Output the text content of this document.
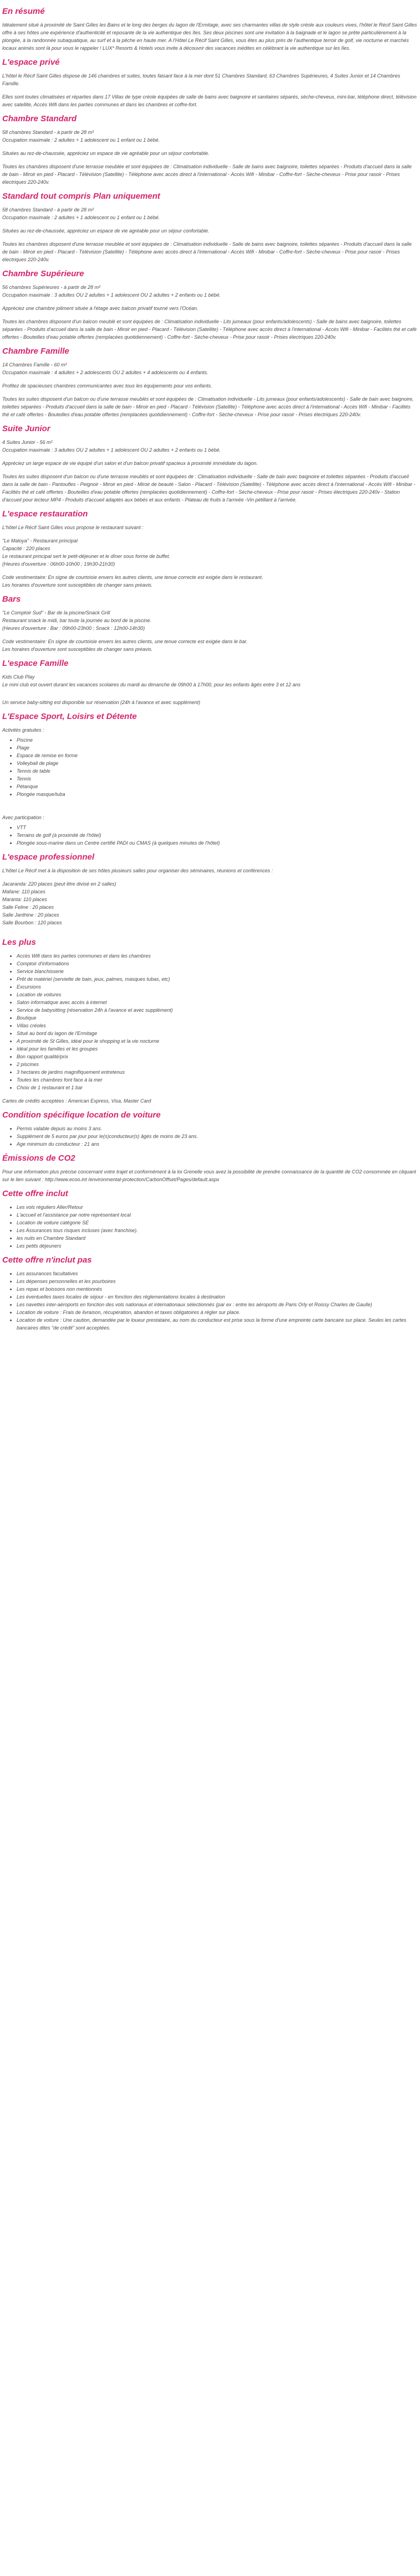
En résumé

Idéalement situé à proximité de Saint Gilles les Bains et le long des berges du lagon de l'Ermitage, avec ses charmantes villas de style créole aux couleurs vives, l'hôtel le Récif Saint Gilles offre à ses hôtes une expérience d'authenticité et reposante de la vie authentique des îles. Ses deux piscines sont une invitation à la baignade et le lagon se prête particulièrement à la plongée, à la randonnée subaquatique, au surf et à la pêche en haute mer. A l'Hôtel Le Récif Saint Gilles, vous êtes au plus près de l'authentique terroir de golf, vie nocturne et marchés locaux animés sont là pour vous le rappeler ! LUX* Resorts & Hotels vous invite à découvrir des vacances inédites en célébrant la vie authentique sur les îles.

L'espace privé

L'hôtel le Récif Saint Gilles dispose de 146 chambres et suites, toutes faisant face à la mer dont 51 Chambres Standard, 63 Chambres Supérieures, 4 Suites Junior et 14 Chambres Famille.

Elles sont toutes climatisées et réparties dans 17 Villas de type créole équipées de salle de bains avec baignoire et sanitaires séparés, sèche-cheveux, mini-bar, téléphone direct, télévision avec satellite, Accès Wifi dans les parties communes et dans les chambres et coffre-fort.

Chambre Standard

58 chambres Standard - à partir de 28 m²

Occupation maximale : 2 adultes + 1 adolescent ou 1 enfant ou 1 bébé.

Situées au rez-de-chaussée, appréciez un espace de vie agréable pour un séjour confortable.

Toutes les chambres disposent d'une terrasse meublée et sont équipées de : Climatisation individuelle - Salle de bains avec baignoire, toilettes séparées - Produits d'accueil dans la salle de bain - Miroir en pied - Placard - Télévision (Satellite) - Téléphone avec accès direct à l'international - Accès Wifi - Minibar - Coffre-fort - Sèche-cheveux - Prise pour rasoir - Prises électriques 220-240v.

Standard tout compris Plan uniquement

58 chambres Standard - à partir de 28 m²

Occupation maximale : 2 adultes + 1 adolescent ou 1 enfant ou 1 bébé.

Situées au rez-de-chaussée, appréciez un espace de vie agréable pour un séjour confortable.

Toutes les chambres disposent d'une terrasse meublée et sont équipées de : Climatisation individuelle - Salle de bains avec baignoire, toilettes séparées - Produits d'accueil dans la salle de bain - Miroir en pied - Placard - Télévision (Satellite) - Téléphone avec accès direct à l'international - Accès Wifi - Minibar - Coffre-fort - Sèche-cheveux - Prise pour rasoir - Prises électriques 220-240v.

Chambre Supérieure

56 chambres Supérieures - à partir de 28 m²

Occupation maximale : 3 adultes OU 2 adultes + 1 adolescent OU 2 adultes + 2 enfants ou 1 bébé.

Appréciez une chambre joliment située à l'étage avec balcon privatif tourné vers l'Océan.

Toutes les chambres disposent d'un balcon meublé et sont équipées de : Climatisation individuelle - Lits jumeaux (pour enfants/adolescents) - Salle de bains avec baignoire, toilettes séparées - Produits d'accueil dans la salle de bain - Miroir en pied - Placard - Télévision (Satellite) - Téléphone avec accès direct à l'international - Accès Wifi - Minibar - Facilités thé et café offertes - Bouteilles d'eau potable offertes (remplacées quotidiennement) - Coffre-fort - Sèche-cheveux - Prise pour rasoir - Prises électriques 220-240v.

Chambre Famille

14 Chambres Famille - 60 m²

Occupation maximale : 4 adultes + 2 adolescents OU 2 adultes + 4 adolescents ou 4 enfants.

Profitez de spacieuses chambres communicantes avec tous les équipements pour vos enfants.

Toutes les suites disposent d'un balcon ou d'une terrasse meublés et sont équipées de : Climatisation individuelle - Lits jumeaux (pour enfants/adolescents) - Salle de bain avec baignoire, toilettes séparées - Produits d'accueil dans la salle de bain - Miroir en pied - Placard - Télévision (Satellite) - Téléphone avec accès direct à l'international - Accès Wifi - Minibar - Facilités thé et café offertes - Bouteilles d'eau potable offertes (remplacées quotidiennement) - Coffre-fort - Sèche-cheveux - Prise pour rasoir - Prises électriques 220-240v.

Suite Junior

4 Suites Junior - 56 m²

Occupation maximale : 3 adultes OU 2 adultes + 1 adolescent OU 2 adultes + 2 enfants ou 1 bébé.

Appréciez un large espace de vie équipé d'un salon et d'un balcon privatif spacieux à proximité immédiate du lagon.

Toutes les suites disposent d'un balcon ou d'une terrasse meublés et sont équipées de : Climatisation individuelle - Salle de bain avec baignoire et toilettes séparées - Produits d'accueil dans la salle de bain - Pantoufles - Peignoir - Miroir en pied - Miroir de beauté - Salon - Placard - Télévision (Satellite) - Téléphone avec accès direct à l'international - Accès Wifi - Minibar - Facilités thé et café offertes - Bouteilles d'eau potable offertes (remplacées quotidiennement) - Coffre-fort - Sèche-cheveux - Prise pour rasoir - Prises électriques 220-240v - Station d'accueil pour lecteur MP4 - Produits d'accueil adaptés aux bébés et aux enfants - Plateau de fruits à l'arrivée -Vin pétillant à l'arrivée.

L'espace restauration

L'hôtel Le Récif Saint Gilles vous propose le restaurant suivant :

"Le Maloya" - Restaurant principal

Capacité : 220 places

Le restaurant principal sert le petit-déjeuner et le dîner sous forme de buffet.

(Heures d'ouverture : 06h00-10h00 ; 19h30-21h30)

Code vestimentaire: En signe de courtoisie envers les autres clients, une tenue correcte est exigée dans le restaurant.

Les horaires d'ouverture sont susceptibles de changer sans préavis.

Bars

"Le Comptoir Sud" - Bar de la piscine/Snack Grill

Restaurant snack le midi, bar toute la journée au bord de la piscine.

(Heures d'ouverture : Bar : 09h00-23h00 ; Snack : 12h00-14h30)

Code vestimentaire: En signe de courtoisie envers les autres clients, une tenue correcte est exigée dans le bar.

Les horaires d'ouverture sont susceptibles de changer sans préavis.

L'espace Famille

Kids Club Play

Le mini club est ouvert durant les vacances scolaires du mardi au dimanche de 09h00 à 17h00, pour les enfants âgés entre 3 et 12 ans

Un service baby-sitting est disponible sur réservation (24h à l'avance et avec supplément)

L'Espace Sport, Loisirs et Détente

Activités gratuites :

• Piscine
• Plage
• Espace de remise en forme
• Volleyball de plage
• Tennis de table
• Tennis
• Pétanque
• Plongée masque/tuba

Avec participation :

• VTT
• Terrains de golf (à proximité de l'hôtel)
• Plongée sous-marine dans un Centre certifié PADI ou CMAS (à quelques minutes de l'hôtel)
L'espace professionnel

L'hôtel Le Récif met à la disposition de ses hôtes plusieurs salles pour organiser des séminaires, réunions et conférences :

Jacaranda: 220 places (peut être divisé en 2 salles)

Mafane: 110 places

Maranta: 110 places

Salle Feline : 20 places

Salle Janthine : 20 places

Salle Bourbon : 120 places

Les plus
• Accès Wifi dans les parties communes et dans les chambres
• Comptoir d'informations
• Service blanchisserie
• Prêt de matériel (serviette de bain, jeux, palmes, masques tubas, etc)
• Excursions
• Location de voitures
• Salon informatique avec accès à internet
• Service de babysitting (réservation 24h à l'avance et avec supplément)
• Boutique
• Villas créoles
• Situé au bord du lagon de l'Ermitage
• A proximité de St Gilles, idéal pour le shopping et la vie nocturne
• Idéal pour les familles et les groupes
• Bon rapport qualité/prix
• 2 piscines
• 3 hectares de jardins magnifiquement entretenus
• Toutes les chambres font face à la mer
• Choix de 1 restaurant et 1 bar

Cartes de crédits acceptées : American Express, Visa, Master Card

Condition spécifique location de voiture
• Permis valable depuis au moins 3 ans.
• Supplément de 5 euros par jour pour le(s)conducteur(s) âgés de moins de 23 ans.
• Age minimum du conducteur : 21 ans
Émissions de CO2

Pour une information plus précise concernant votre trajet et conformément à la loi Grenelle vous avez la possibilité de prendre connaissance de la quantité de CO2 consommée en cliquant sur le lien suivant : http://www.ecoo.int /environmental-protection/CarbonOffset/Pages/default.aspx

Cette offre inclut
• Les vols réguliers Aller/Retour
• L'accueil et l'assistance par notre représentant local
• Location de voiture catégorie SE
• Les Assurances tous risques incluses (avec franchise).
• les nuits en Chambre Standard
• Les petits déjeuners
Cette offre n'inclut pas
• Les assurances facultatives
• Les dépenses personnelles et les pourboires
• Les repas et boissons non mentionnés
• Les éventuelles taxes locales de séjour - en fonction des réglementations locales à destination
• Les navettes inter-aéroports en fonction des vols nationaux et internationaux sélectionnés (par ex : entre les aéroports de Paris Orly et Roissy Charles de Gaulle)
• Location de voiture : Frais de livraison, récupération, abandon et taxes obligatoires à régler sur place.
• Location de voiture : Une caution, demandée par le loueur prestataire, au nom du conducteur est prise sous la forme d'une empreinte carte bancaire sur place. Seules les cartes bancaires dites "de crédit" sont acceptées.
